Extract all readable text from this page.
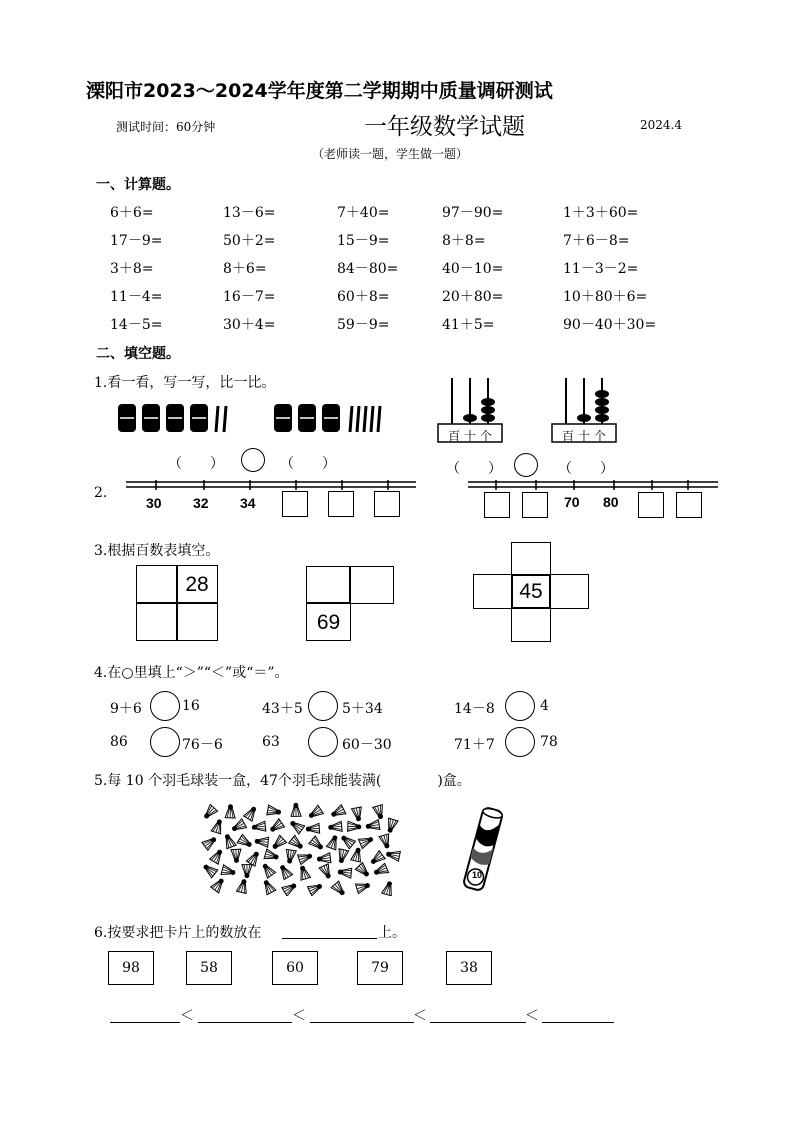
溧阳市2023～2024学年度第二学期期中质量调研测试
测试时间：60分钟	一年级数学试题	2024.4
（老师读一题，学生做一题）
一、计算题。
6＋6=	13－6=	7＋40=	97－90=	1＋3＋60=
17－9=	50＋2=	15－9=	8＋8=	7＋6－8=
3＋8=	8＋6=	84－80=	40－10=	11－3－2=
11－4=	16－7=	60＋8=	20＋80=	10＋80＋6=
14－5=	30＋4=	59－9=	41＋5=	90－40＋30=
二、填空题。
1.看一看，写一写，比一比。
（　　）	（　　）
百十个	百十个
（　　）	（　　）
2.
30 32 34	70 80
3.根据百数表填空。
28
69
45
4.在○里填上“＞”“＜”或“＝”。
9＋6	16	43＋5	5＋34	14－8	4
86	76－6	63	60－30	71＋7	78
5.每 10 个羽毛球装一盒，47个羽毛球能装满(　　　　)盒。
10
6.按要求把卡片上的数放在	上。
98	58	60	79	38
＜	＜	＜	＜
